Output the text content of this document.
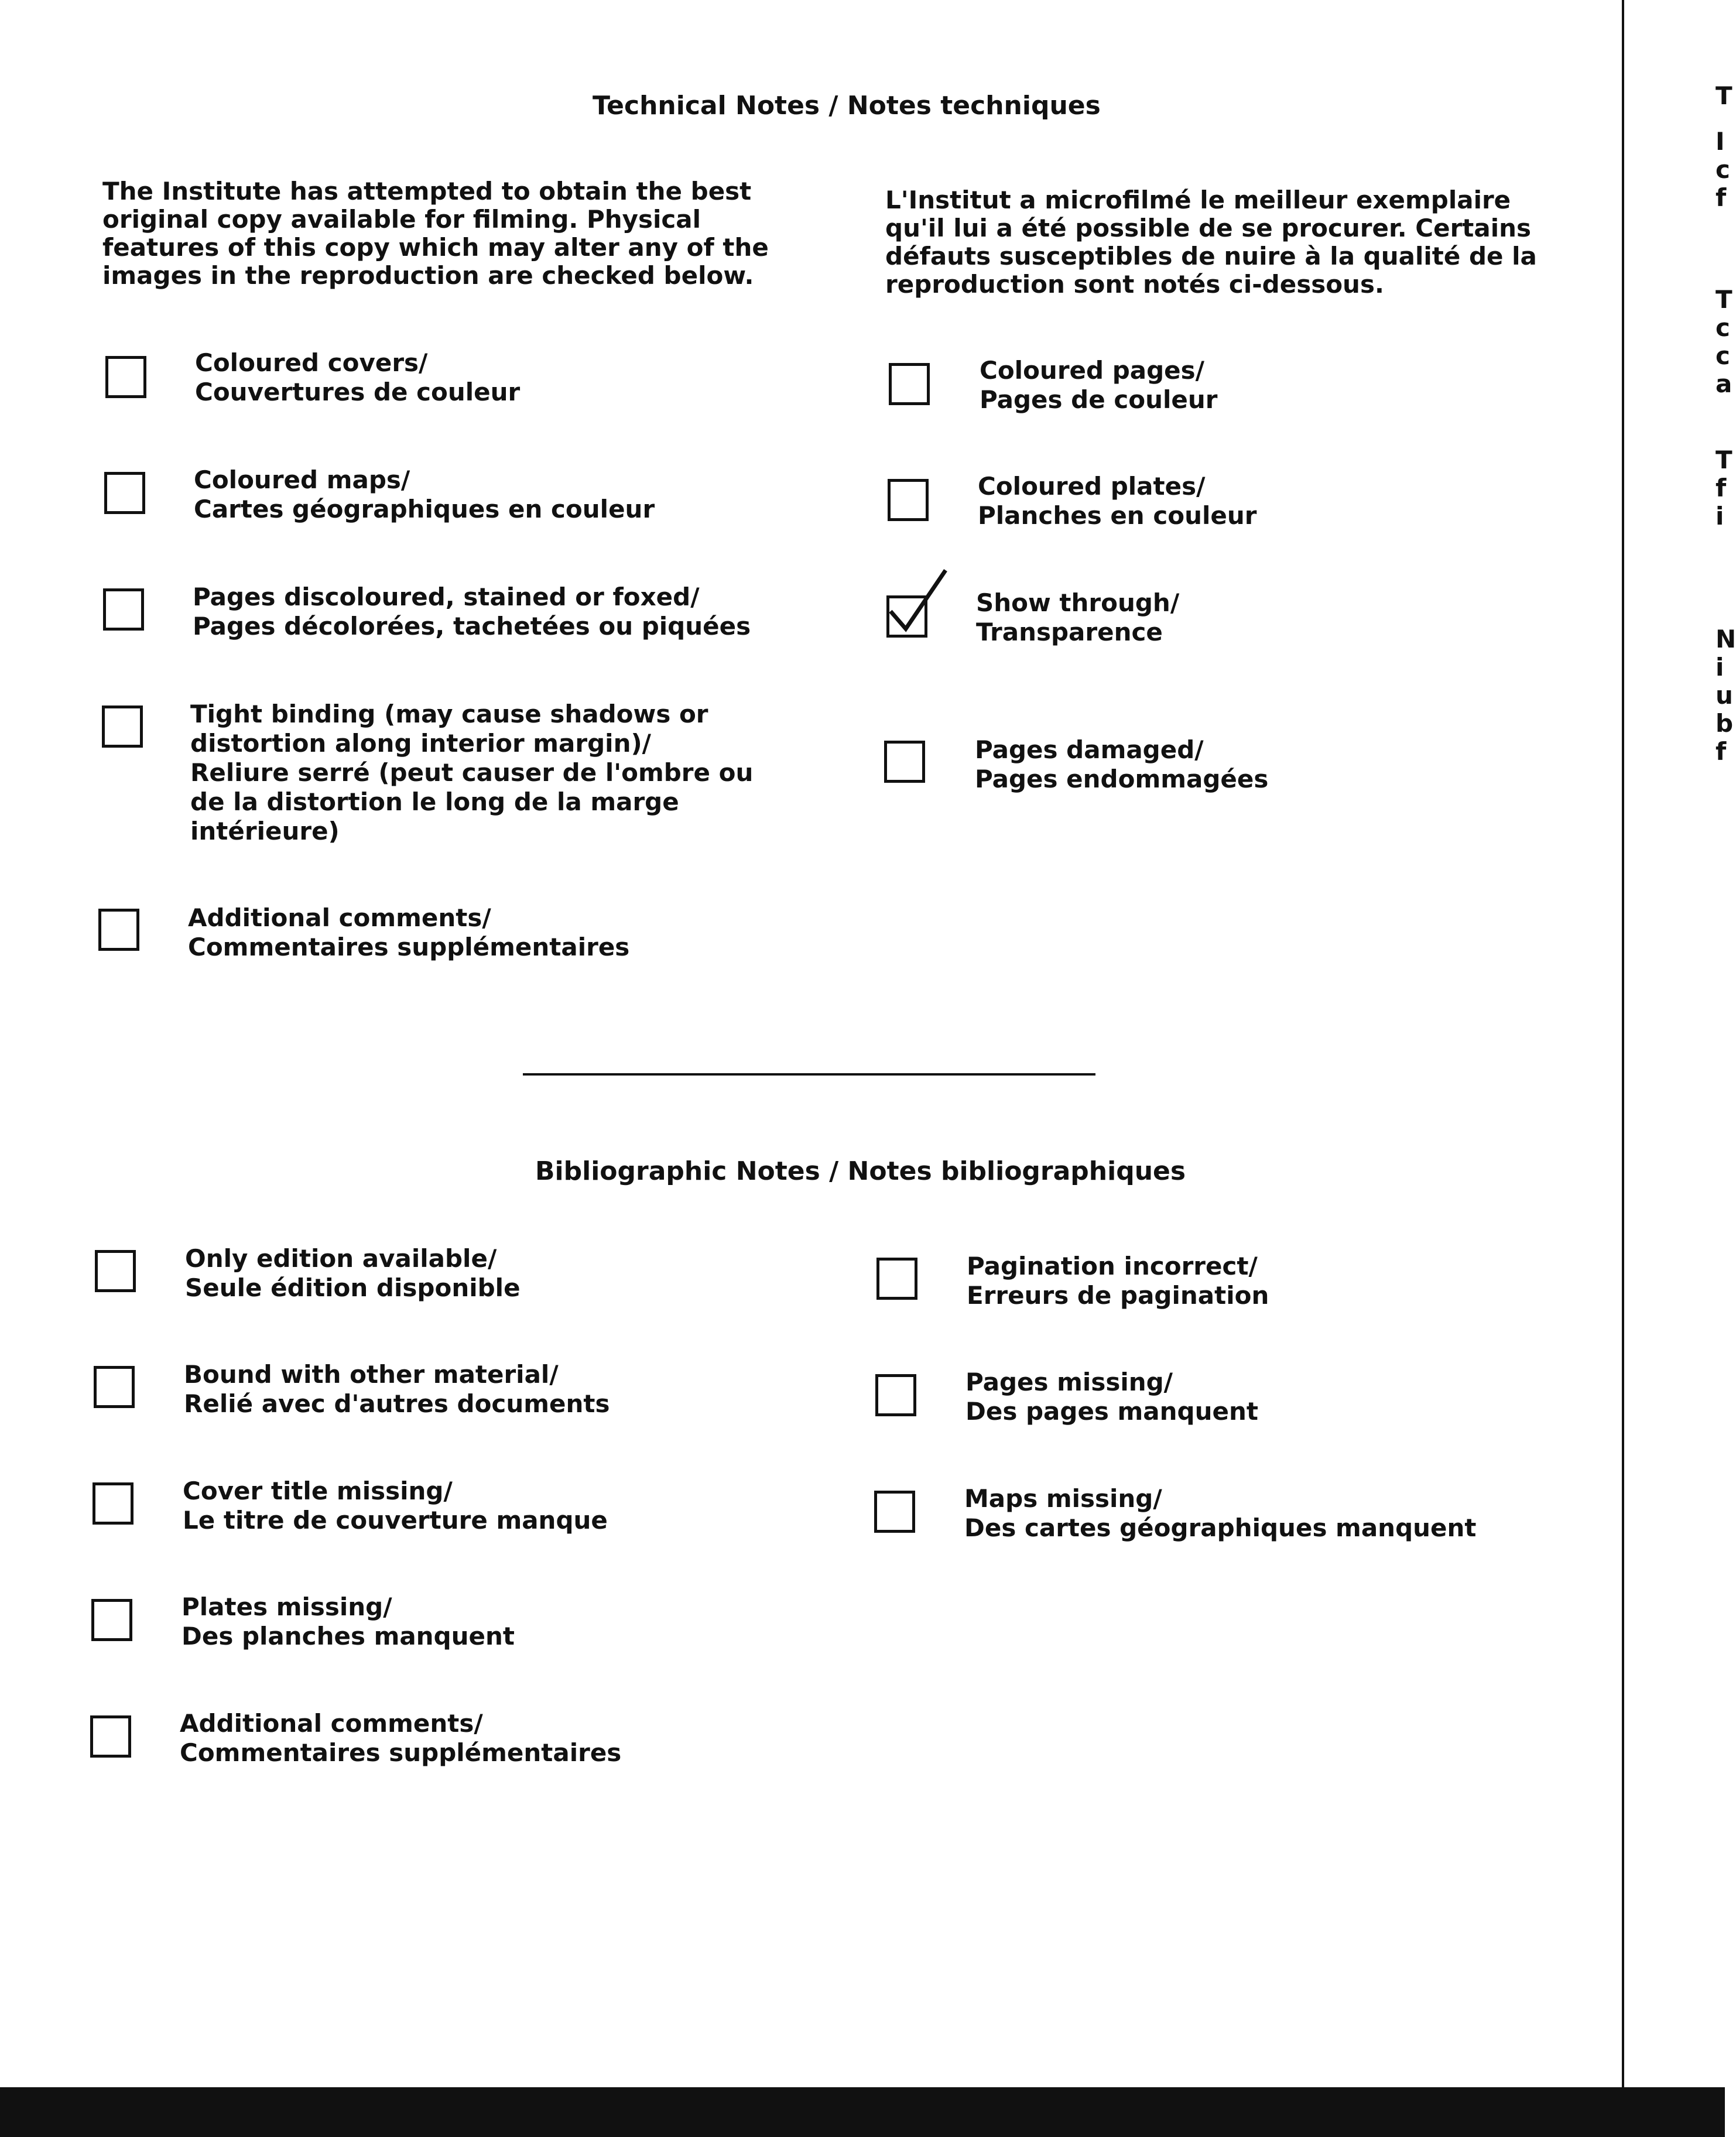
Technical Notes / Notes techniques
The Institute has attempted to obtain the best
original copy available for filming. Physical
features of this copy which may alter any of the
images in the reproduction are checked below.
L'Institut a microfilmé le meilleur exemplaire
qu'il lui a été possible de se procurer. Certains
défauts susceptibles de nuire à la qualité de la
reproduction sont notés ci-dessous.
Coloured covers/
Couvertures de couleur
Coloured maps/
Cartes géographiques en couleur
Pages discoloured, stained or foxed/
Pages décolorées, tachetées ou piquées
Tight binding (may cause shadows or
distortion along interior margin)/
Reliure serré (peut causer de l'ombre ou
de la distortion le long de la marge
intérieure)
Additional comments/
Commentaires supplémentaires
Coloured pages/
Pages de couleur
Coloured plates/
Planches en couleur
Show through/
Transparence
Pages damaged/
Pages endommagées
Bibliographic Notes / Notes bibliographiques
Only edition available/
Seule édition disponible
Bound with other material/
Relié avec d'autres documents
Cover title missing/
Le titre de couverture manque
Plates missing/
Des planches manquent
Additional comments/
Commentaires supplémentaires
Pagination incorrect/
Erreurs de pagination
Pages missing/
Des pages manquent
Maps missing/
Des cartes géographiques manquent
T
I
c
f
T
c
c
a
T
f
i
N
i
u
b
f
